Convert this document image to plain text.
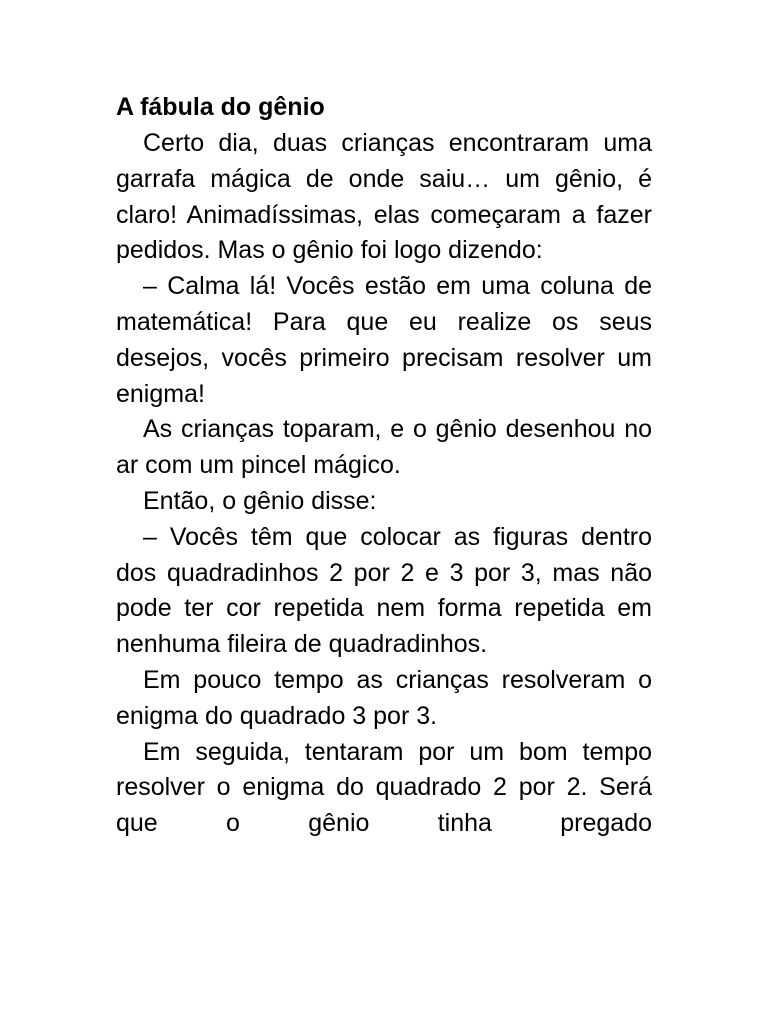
A fábula do gênio

Certo dia, duas crianças encontraram uma garrafa mágica de onde saiu… um gênio, é claro! Animadíssimas, elas começaram a fazer pedidos. Mas o gênio foi logo dizendo:

– Calma lá! Vocês estão em uma coluna de matemática! Para que eu realize os seus desejos, vocês primeiro precisam resolver um enigma!

As crianças toparam, e o gênio desenhou no ar com um pincel mágico.

Então, o gênio disse:

– Vocês têm que colocar as figuras dentro dos quadradinhos 2 por 2 e 3 por 3, mas não pode ter cor repetida nem forma repetida em nenhuma fileira de quadradinhos.

Em pouco tempo as crianças resolveram o enigma do quadrado 3 por 3.

Em seguida, tentaram por um bom tempo resolver o enigma do quadrado 2 por 2. Será que o gênio tinha pregado
